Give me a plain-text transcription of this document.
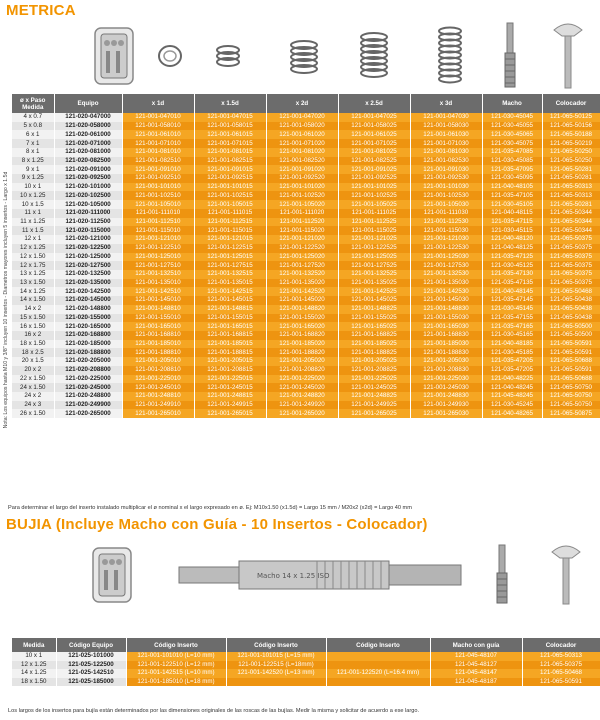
METRICA
Nota: Los equipos hasta M10 y 3/8" incluyen 10 insertos - Diametros mayores incluyen 5 insertos - Largo x 1.5d
ø x Paso Medida	Equipo	x 1d	x 1.5d	x 2d	x 2.5d	x 3d	Macho	Colocador
4 x 0.7	121-020-047000	121-001-047010	121-001-047015	121-001-047020	121-001-047025	121-001-047030	121-030-45045	121-065-50125
5 x 0.8	121-020-058000	121-001-058010	121-001-058015	121-001-058020	121-001-058025	121-001-058030	121-030-45055	121-065-50156
6 x 1	121-020-061000	121-001-061010	121-001-061015	121-001-061020	121-001-061025	121-001-061030	121-030-45065	121-065-50188
7 x 1	121-020-071000	121-001-071010	121-001-071015	121-001-071020	121-001-071025	121-001-071030	121-030-45075	121-065-50219
8 x 1	121-020-081000	121-001-081010	121-001-081015	121-001-081020	121-001-081025	121-001-081030	121-035-47085	121-065-50250
8 x 1.25	121-020-082500	121-001-082510	121-001-082515	121-001-082520	121-001-082525	121-001-082530	121-030-45085	121-065-50250
9 x 1	121-020-091000	121-001-091010	121-001-091015	121-001-091020	121-001-091025	121-001-091030	121-035-47095	121-065-50281
9 x 1.25	121-020-092500	121-001-092510	121-001-092515	121-001-092520	121-001-092525	121-001-092530	121-030-45095	121-065-50281
10 x 1	121-020-101000	121-001-101010	121-001-101015	121-001-101020	121-001-101025	121-001-101030	121-040-48105	121-065-50313
10 x 1.25	121-020-102500	121-001-102510	121-001-102515	121-001-102520	121-001-102525	121-001-102530	121-035-47105	121-065-50313
10 x 1.5	121-020-105000	121-001-105010	121-001-105015	121-001-105020	121-001-105025	121-001-105030	121-030-45105	121-065-50281
11 x 1	121-020-111000	121-001-111010	121-001-111015	121-001-111020	121-001-111025	121-001-111030	121-040-48115	121-065-50344
11 x 1.25	121-020-112500	121-001-112510	121-001-112515	121-001-112520	121-001-112525	121-001-112530	121-035-47115	121-065-50344
11 x 1.5	121-020-115000	121-001-115010	121-001-115015	121-001-115020	121-001-115025	121-001-115030	121-030-45115	121-065-50344
12 x 1	121-020-121000	121-001-121010	121-001-121015	121-001-121020	121-001-121025	121-001-121030	121-040-48120	121-065-50375
12 x 1.25	121-020-122500	121-001-122510	121-001-122515	121-001-122520	121-001-122525	121-001-122530	121-040-48125	121-065-50375
12 x 1.50	121-020-125000	121-001-125010	121-001-125015	121-001-125020	121-001-125025	121-001-125030	121-035-47125	121-065-50375
12 x 1.75	121-020-127500	121-001-127510	121-001-127515	121-001-127520	121-001-127525	121-001-127530	121-030-45125	121-065-50375
13 x 1.25	121-020-132500	121-001-132510	121-001-132515	121-001-132520	121-001-132525	121-001-132530	121-035-47130	121-065-50375
13 x 1.50	121-020-135000	121-001-135010	121-001-135015	121-001-135020	121-001-135025	121-001-135030	121-035-47135	121-065-50375
14 x 1.25	121-020-142500	121-001-142510	121-001-142515	121-001-142520	121-001-142525	121-001-142530	121-040-48145	121-065-50468
14 x 1.50	121-020-145000	121-001-145010	121-001-145015	121-001-145020	121-001-145025	121-001-145030	121-035-47145	121-065-50438
14 x 2	121-020-148800	121-001-148810	121-001-148815	121-001-148820	121-001-148825	121-001-148830	121-030-45145	121-065-50438
15 x 1.50	121-020-155000	121-001-155010	121-001-155015	121-001-155020	121-001-155025	121-001-155030	121-035-47155	121-065-50438
16 x 1.50	121-020-165000	121-001-165010	121-001-165015	121-001-165020	121-001-165025	121-001-165030	121-035-47165	121-065-50500
16 x 2	121-020-168800	121-001-168810	121-001-168815	121-001-168820	121-001-168825	121-001-168830	121-030-45165	121-065-50500
18 x 1.50	121-020-185000	121-001-185010	121-001-185015	121-001-185020	121-001-185025	121-001-185030	121-040-48185	121-065-50591
18 x 2.5	121-020-188800	121-001-188810	121-001-188815	121-001-188820	121-001-188825	121-001-188830	121-030-45185	121-065-50591
20 x 1.5	121-020-205000	121-001-205010	121-001-205015	121-001-205020	121-001-205025	121-001-205030	121-035-47205	121-065-50688
20 x 2	121-020-208800	121-001-208810	121-001-208815	121-001-208820	121-001-208825	121-001-208830	121-035-47205	121-065-50591
22 x 1.50	121-020-225000	121-001-225010	121-001-225015	121-001-225020	121-001-225025	121-001-225030	121-040-48225	121-065-50688
24 x 1.50	121-020-245000	121-001-245010	121-001-245015	121-001-245020	121-001-245025	121-001-245030	121-040-48245	121-065-50750
24 x 2	121-020-248800	121-001-248810	121-001-248815	121-001-248820	121-001-248825	121-001-248830	121-045-48245	121-065-50750
24 x 3	121-020-249900	121-001-249910	121-001-249915	121-001-249920	121-001-249925	121-001-249930	121-030-45245	121-065-50750
26 x 1.50	121-020-265000	121-001-265010	121-001-265015	121-001-265020	121-001-265025	121-001-265030	121-040-48265	121-065-50875
Para determinar el largo del inserto instalado multiplicar el ø nominal x el largo expresado en ø. Ej: M10x1.50 (x1.5d) = Largo 15 mm / M20x2 (x2d) = Largo 40 mm
BUJIA (Incluye Macho con Guía - 10 Insertos - Colocador)
Macho 14 x 1.25 ISO
Medida	Código Equipo	Código Inserto	Código Inserto	Código Inserto	Macho con guía	Colocador
10 x 1	121-025-101000	121-001-101010 (L=10 mm)	121-001-101015 (L=15 mm)		121-045-48107	121-065-50313
12 x 1.25	121-025-122500	121-001-122510 (L=12 mm)	121-001-122515 (L=18mm)		121-045-48127	121-065-50375
14 x 1.25	121-025-142510	121-001-142515 (L=10 mm)	121-001-142520 (L=13 mm)	121-001-122520 (L=16.4 mm)	121-045-48147	121-065-50468
18 x 1.50	121-025-185000	121-001-185010 (L=18 mm)			121-045-48187	121-065-50591
Los largos de los insertos para bujía están determinados por las dimensiones originales de las roscas de las bujías. Medir la misma y solicitar de acuerdo a ese largo.
